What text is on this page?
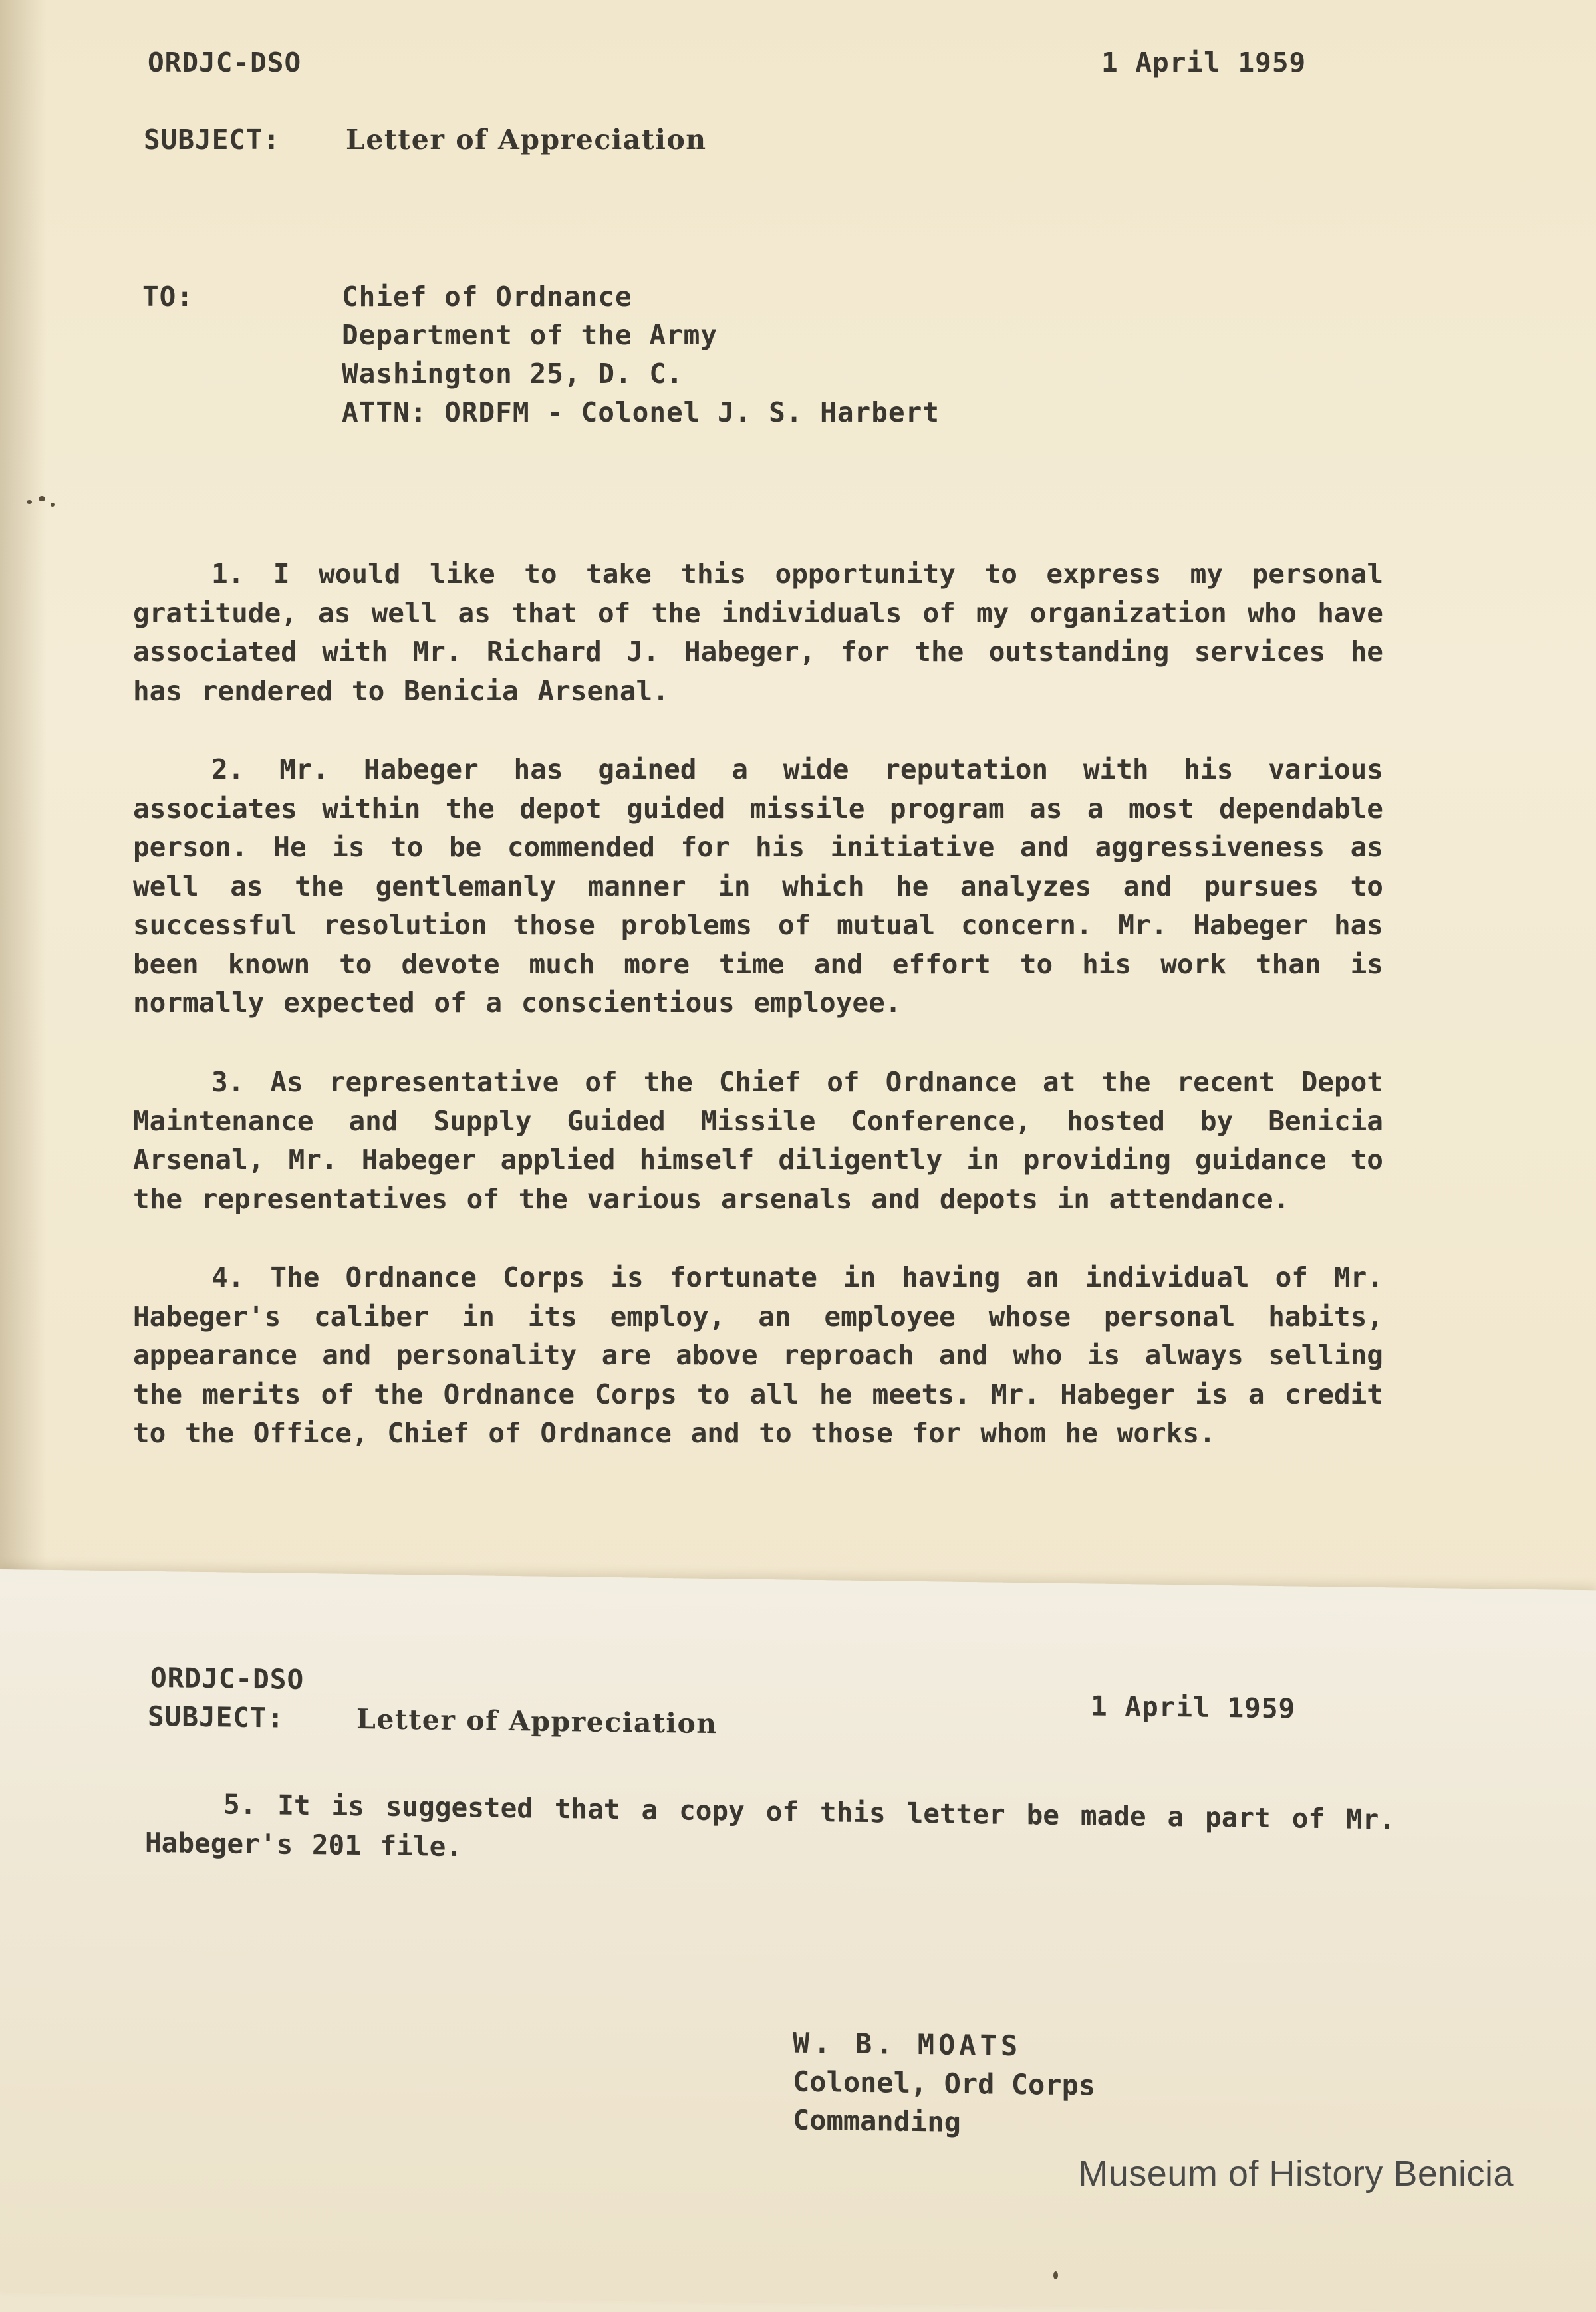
ORDJC-DSO	1 April 1959
SUBJECT: Letter of Appreciation
TO:	Chief of Ordnance
Department of the Army
Washington 25, D. C.
ATTN: ORDFM - Colonel J. S. Harbert
1. I would like to take this opportunity to express my personal gratitude, as well as that of the individuals of my organization who have associated with Mr. Richard J. Habeger, for the outstanding services he has rendered to Benicia Arsenal.
2. Mr. Habeger has gained a wide reputation with his various associates within the depot guided missile program as a most dependable person. He is to be commended for his initiative and aggressiveness as well as the gentlemanly manner in which he analyzes and pursues to successful resolution those problems of mutual concern. Mr. Habeger has been known to devote much more time and effort to his work than is normally expected of a conscientious employee.
3. As representative of the Chief of Ordnance at the recent Depot Maintenance and Supply Guided Missile Conference, hosted by Benicia Arsenal, Mr. Habeger applied himself diligently in providing guidance to the representatives of the various arsenals and depots in attendance.
4. The Ordnance Corps is fortunate in having an individual of Mr. Habeger's caliber in its employ, an employee whose personal habits, appearance and personality are above reproach and who is always selling the merits of the Ordnance Corps to all he meets. Mr. Habeger is a credit to the Office, Chief of Ordnance and to those for whom he works.
ORDJC-DSO
SUBJECT:	Letter of Appreciation	1 April 1959
5. It is suggested that a copy of this letter be made a part of Mr. Habeger's 201 file.
W. B. MOATS
Colonel, Ord Corps
Commanding
Museum of History Benicia
